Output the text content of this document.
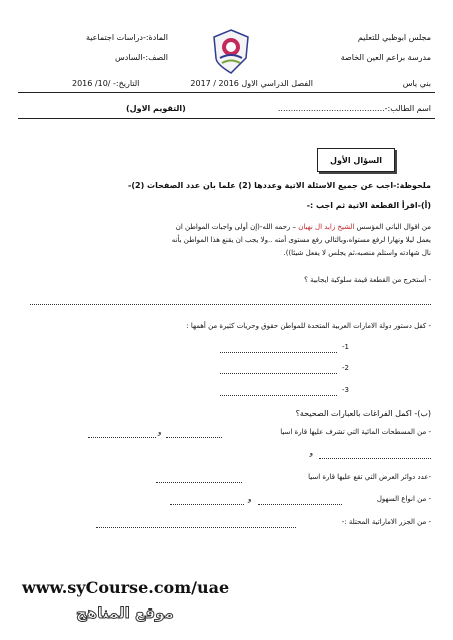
مجلس ابوظبي للتعليم
مدرسة براعم العين الخاصة
المادة:-دراسات اجتماعية
الصف:-السادس
بني ياس
الفصل الدراسي الاول 2016 / 2017
التاريخ:- /10/ 2016
اسم الطالب:-..........................................
(التقويم الاول)
السؤال الأول
ملحوظة:-اجب عن جميع الاسئلة الاتية وعددها (2) علما بان عدد الصفحات (2)-
(أ)-اقرأ القطعة الاتية ثم اجب :-
من اقوال الباني المؤسس الشيخ زايد ال نهيان – رحمه الله-(إن أولى واجبات المواطن ان
يعمل ليلا ونهارا لرفع مستواه،وبالتالي رفع مستوى أمته ..ولا يجب ان يقنع هذا المواطن بأنه
نال شهادته واستلم منصبه،ثم يجلس لا يفعل شيئا)).
- أستخرج من القطعة قيمة سلوكية ايجابية ؟
- كفل دستور دولة الامارات العربية المتحدة للمواطن حقوق وحريات كثيرة من أهمها :
1-
2-
3-
(ب)- اكمل الفراغات بالعبارات الصحيحة؟
- من المسطحات المائية التي تشرف عليها قارة اسيا
و
و
-عدد دوائر العرض التي تقع عليها قارة اسيا
- من انواع السهول
و
- من الجزر الاماراتية المحتلة :-
www.syCourse.com/uae
موقع المناهج
